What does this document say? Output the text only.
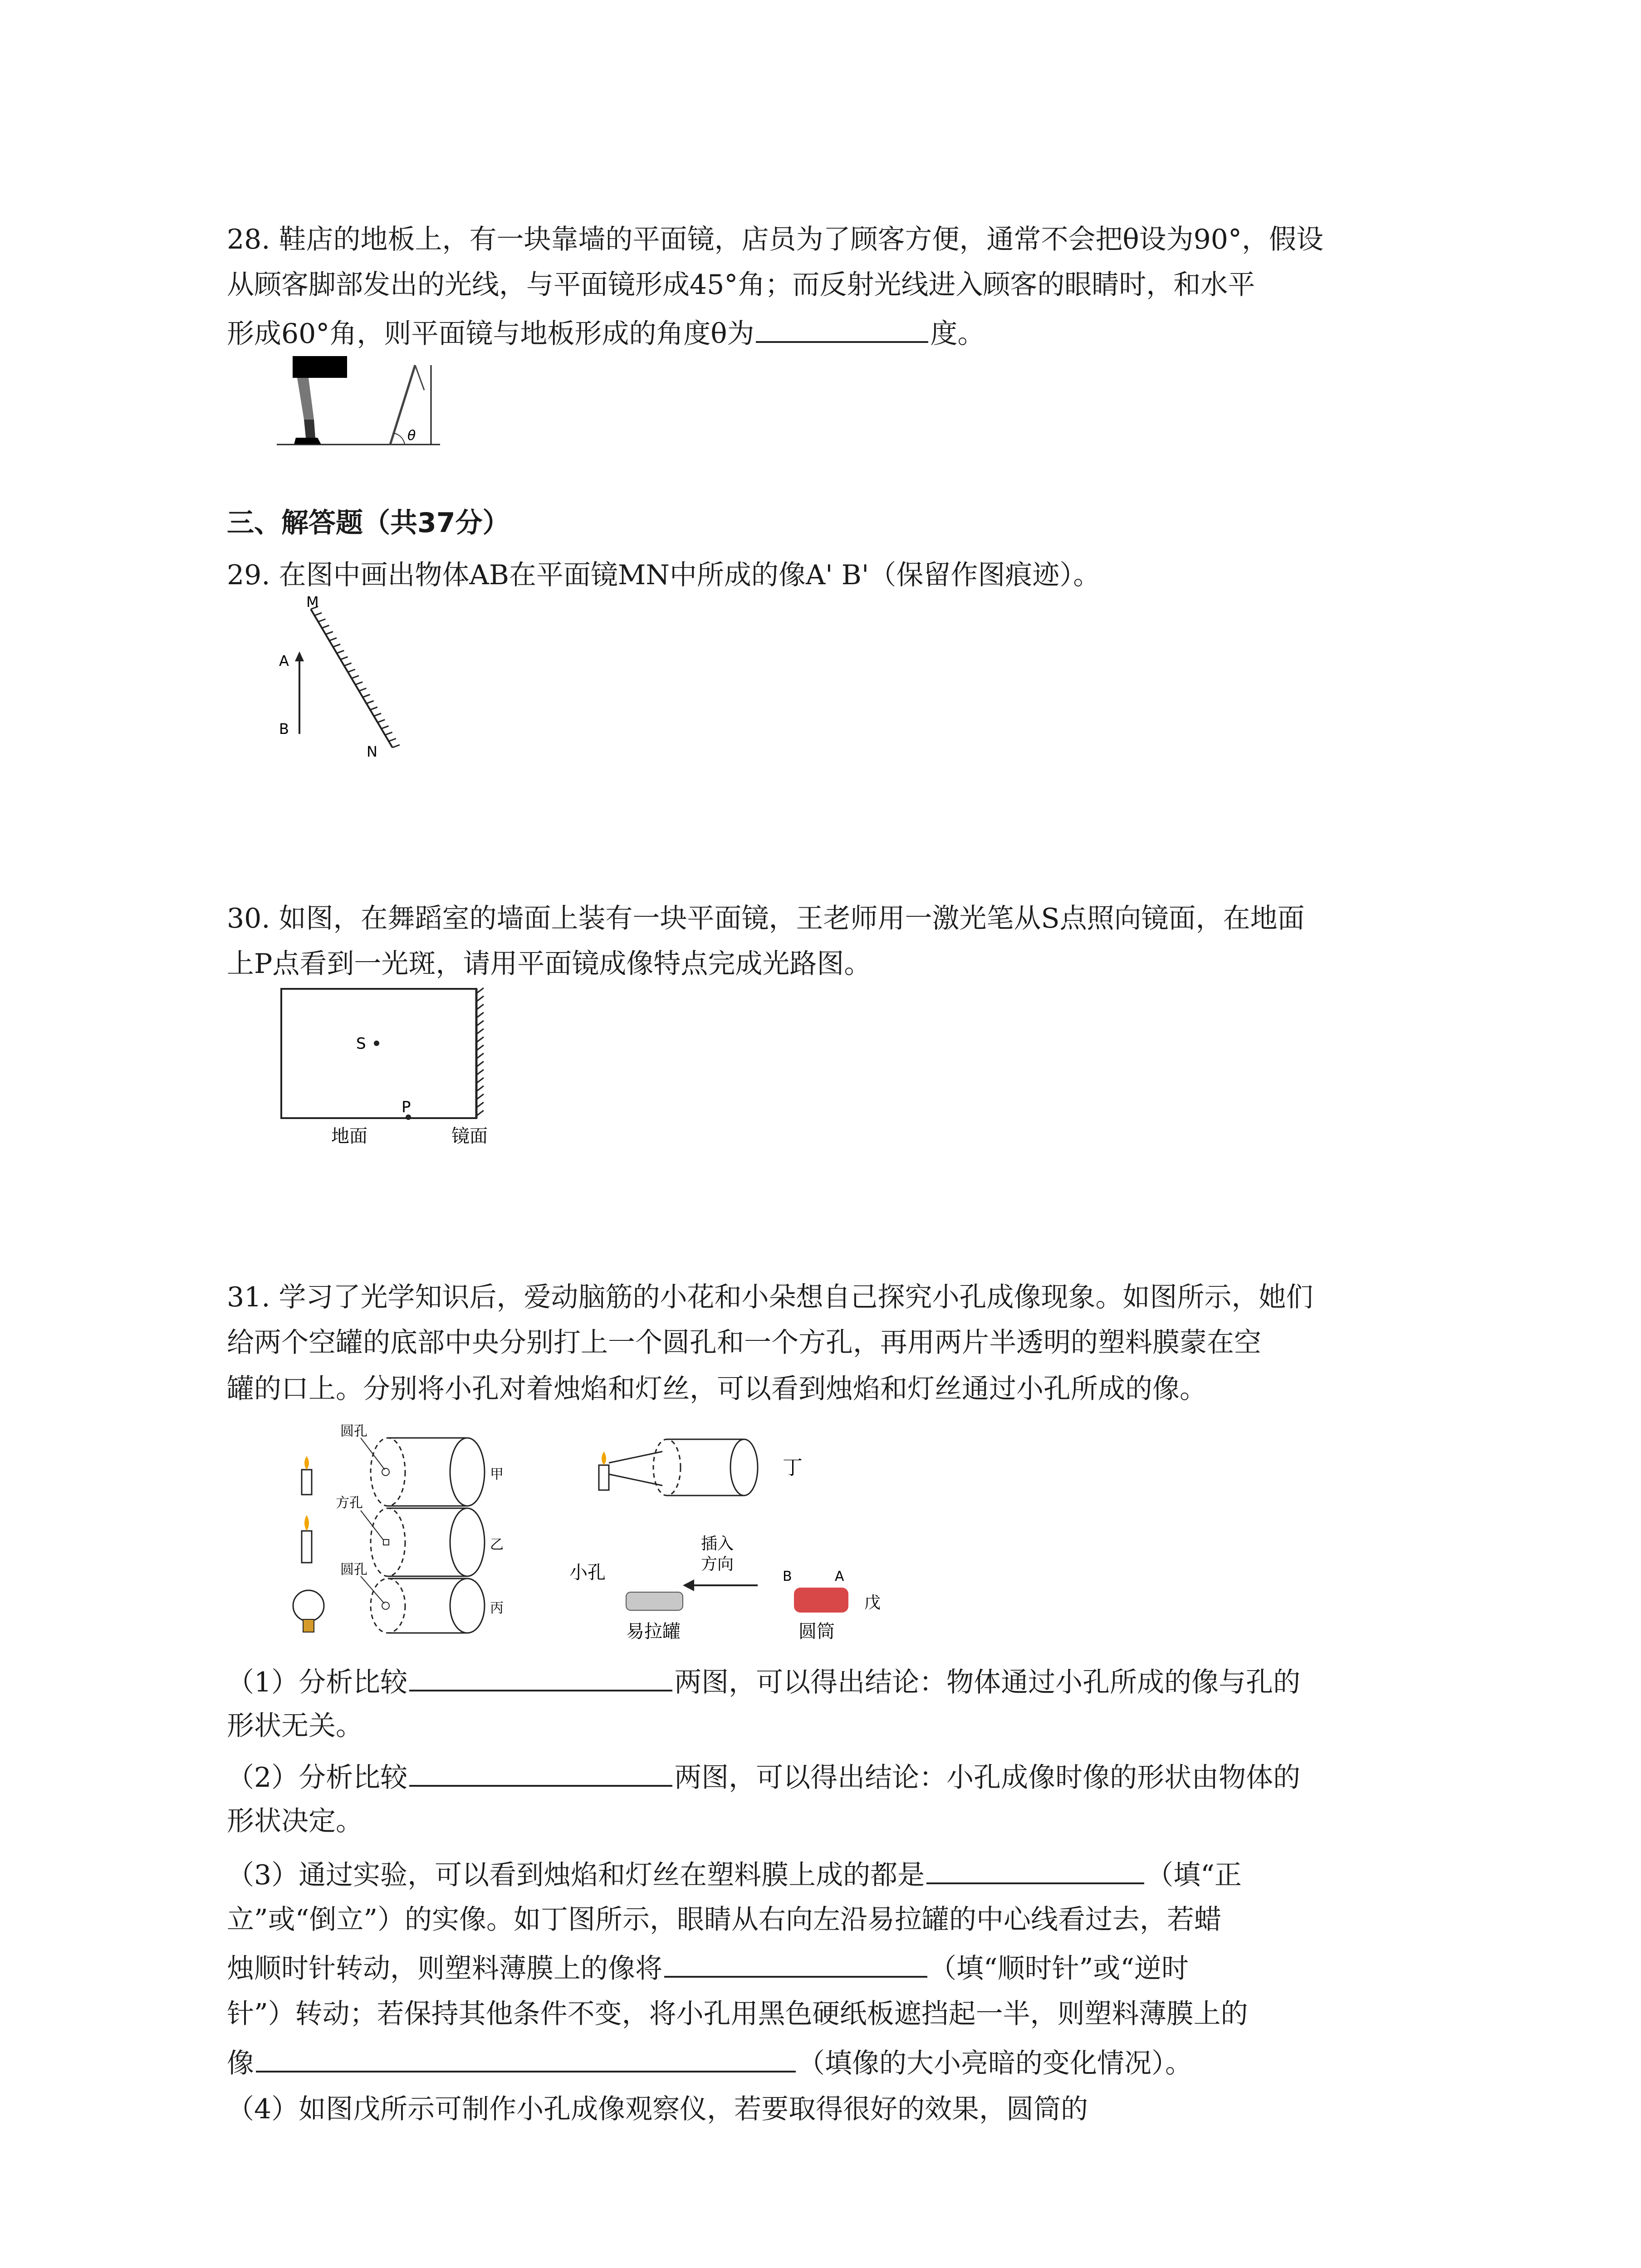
28. 鞋店的地板上，有一块靠墙的平面镜，店员为了顾客方便，通常不会把θ设为90°，假设
从顾客脚部发出的光线，与平面镜形成45°角；而反射光线进入顾客的眼睛时，和水平
形成60°角，则平面镜与地板形成的角度θ为	度。
θ
三、解答题（共37分）
29. 在图中画出物体AB在平面镜MN中所成的像A' B'（保留作图痕迹）。
M
N
A
B
30. 如图，在舞蹈室的墙面上装有一块平面镜，王老师用一激光笔从S点照向镜面，在地面
上P点看到一光斑，请用平面镜成像特点完成光路图。
S
P
地面	镜面
31. 学习了光学知识后，爱动脑筋的小花和小朵想自己探究小孔成像现象。如图所示，她们
给两个空罐的底部中央分别打上一个圆孔和一个方孔，再用两片半透明的塑料膜蒙在空
罐的口上。分别将小孔对着烛焰和灯丝，可以看到烛焰和灯丝通过小孔所成的像。
圆孔
甲
方孔
乙
圆孔
丙
丁
小孔
插入
方向
B	A
戊
易拉罐	圆筒
（1）分析比较	两图，可以得出结论：物体通过小孔所成的像与孔的
形状无关。
（2）分析比较	两图，可以得出结论：小孔成像时像的形状由物体的
形状决定。
（3）通过实验，可以看到烛焰和灯丝在塑料膜上成的都是	（填“正
立”或“倒立”）的实像。如丁图所示，眼睛从右向左沿易拉罐的中心线看过去，若蜡
烛顺时针转动，则塑料薄膜上的像将	（填“顺时针”或“逆时
针”）转动；若保持其他条件不变，将小孔用黑色硬纸板遮挡起一半，则塑料薄膜上的
像	（填像的大小亮暗的变化情况）。
（4）如图戊所示可制作小孔成像观察仪，若要取得很好的效果，圆筒的
